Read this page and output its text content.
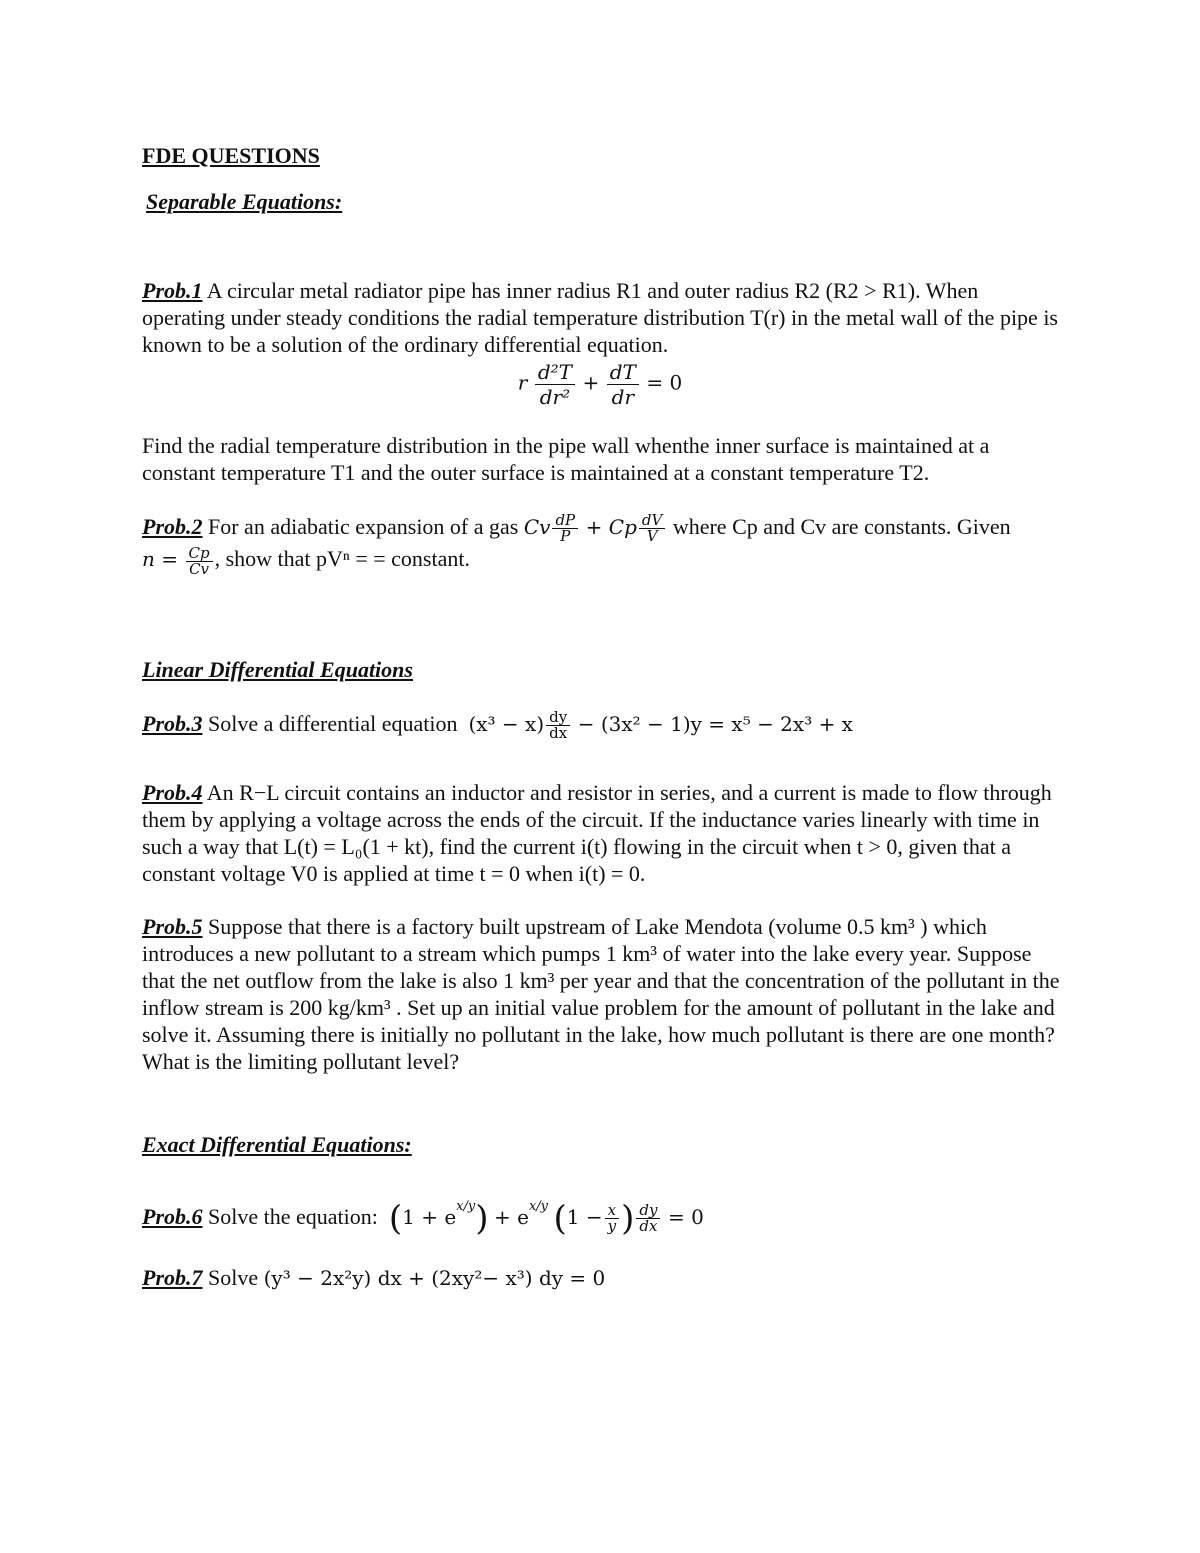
FDE QUESTIONS
Separable Equations:
Prob.1 A circular metal radiator pipe has inner radius R1 and outer radius R2 (R2 > R1). When operating under steady conditions the radial temperature distribution T(r) in the metal wall of the pipe is known to be a solution of the ordinary differential equation.
r $\frac{\text{d²T}}{\text{dr²}} + \frac{dT}{dr} = 0$
Find the radial temperature distribution in the pipe wall whenthe inner surface is maintained at a constant temperature T1 and the outer surface is maintained at a constant temperature T2.
Prob.2 For an adiabatic expansion of a gas Cv $\frac{dP}{P} + Cp \frac{dV}{V}$ where Cp and Cv are constants. Given
$n = \frac{Cp}{Cv}$ , show that pVⁿ = = constant.
Linear Differential Equations
Prob.3 Solve a differential equation $(x^3 - x) \frac{dy}{dx} - (3x^2 - 1)y = x^5 - 2x^3 + x$
Prob.4 An R−L circuit contains an inductor and resistor in series, and a current is made to flow through them by applying a voltage across the ends of the circuit. If the inductance varies linearly with time in such a way that L(t) = L₀(1 + kt), find the current i(t) flowing in the circuit when t > 0, given that a constant voltage V0 is applied at time t = 0 when i(t) = 0.
Prob.5 Suppose that there is a factory built upstream of Lake Mendota (volume 0.5 km³ ) which introduces a new pollutant to a stream which pumps 1 km³ of water into the lake every year. Suppose that the net outflow from the lake is also 1 km³ per year and that the concentration of the pollutant in the inflow stream is 200 kg/km³ . Set up an initial value problem for the amount of pollutant in the lake and solve it. Assuming there is initially no pollutant in the lake, how much pollutant is there are one month? What is the limiting pollutant level?
Exact Differential Equations:
Prob.6 Solve the equation: $(1 + e^{x/y}) + e^{x/y}$ ($1 - \frac{x}{y}$ ) $\frac{dy}{dx} = 0$
Prob.7 Solve (y³ − 2x²y) dx + (2xy²− x³) dy = 0
